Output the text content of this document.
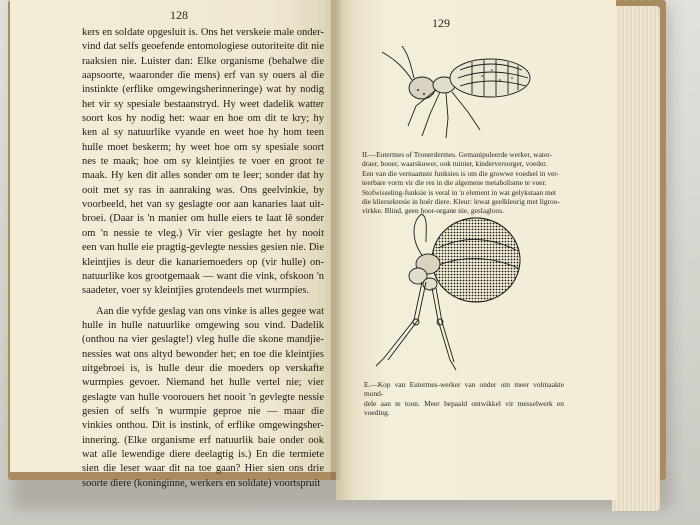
128
kers en soldate opgesluit is. Ons het verskeie male onder-
vind dat selfs geoefende entomologiese outoriteite dit nie
raaksien nie. Luister dan: Elke organisme (behalwe die
aapsoorte, waaronder die mens) erf van sy ouers al die
instinkte (erflike omgewingsherinneringe) wat hy nodig
het vir sy spesiale bestaanstryd. Hy weet dadelik watter
soort kos hy nodig het: waar en hoe om dit te kry; hy
ken al sy natuurlike vyande en weet hoe hy hom teen
hulle moet beskerm; hy weet hoe om sy spesiale soort
nes te maak; hoe om sy kleintjies te voer en groot te
maak. Hy ken dit alles sonder om te leer; sonder dat hy
ooit met sy ras in aanraking was. Ons geelvinkie, by
voorbeeld, het van sy geslagte oor aan kanaries laat uit-
broei. (Daar is 'n manier om hulle eiers te laat lê sonder
om 'n nessie te vleg.) Vir vier geslagte het hy nooit
een van hulle eie pragtig-gevlegte nessies gesien nie. Die
kleintjies is deur die kanariemoeders op (vir hulle) on-
natuurlike kos grootgemaak — want die vink, ofskoon 'n
saadeter, voer sy kleintjies grotendeels met wurmpies.
Aan die vyfde geslag van ons vinke is alles gegee wat
hulle in hulle natuurlike omgewing sou vind. Dadelik
(onthou na vier geslagte!) vleg hulle die skone mandjie-
nessies wat ons altyd bewonder het; en toe die kleintjies
uitgebroei is, is hulle deur die moeders op verskafte
wurmpies gevoer. Niemand het hulle vertel nie; vier
geslagte van hulle voorouers het nooit 'n gevlegte nessie
gesien of selfs 'n wurmpie geproe nie — maar die
vinkies onthou. Dit is instink, of erflike omgewingsher-
innering. (Elke organisme erf natuurlik baie onder ook
wat alle lewendige diere deelagtig is.) En die termiete
sien die leser waar dit na toe gaan? Hier sien ons drie
soorte diere (koninginne, werkers en soldate) voortspruit
129
II.—Eutermes of Tronerdermes. Gemanipuleerde werker, water-
draer, bouer, waarskuwer, ook tuinier, kinderversorger, voeder.
Een van die vernaamste funksies is om die growwe voedsel in ver-
teerbare vorm vir die res in die algemene metabolisme te voer.
Stofwisseling-funksie is veral in 'n element in wat gelykstaan met
die kliersekresie in hoër diere. Kleur: lewat geelkleurig met ligroo-
virkke. Blind, geen hoor-organe nie, geslagloos.
E.—Kop van Eutermes-werker van onder om meer volmaakte mond-
dele aan te toon. Meer bepaald ontwikkel vir messelwerk en voeding.
